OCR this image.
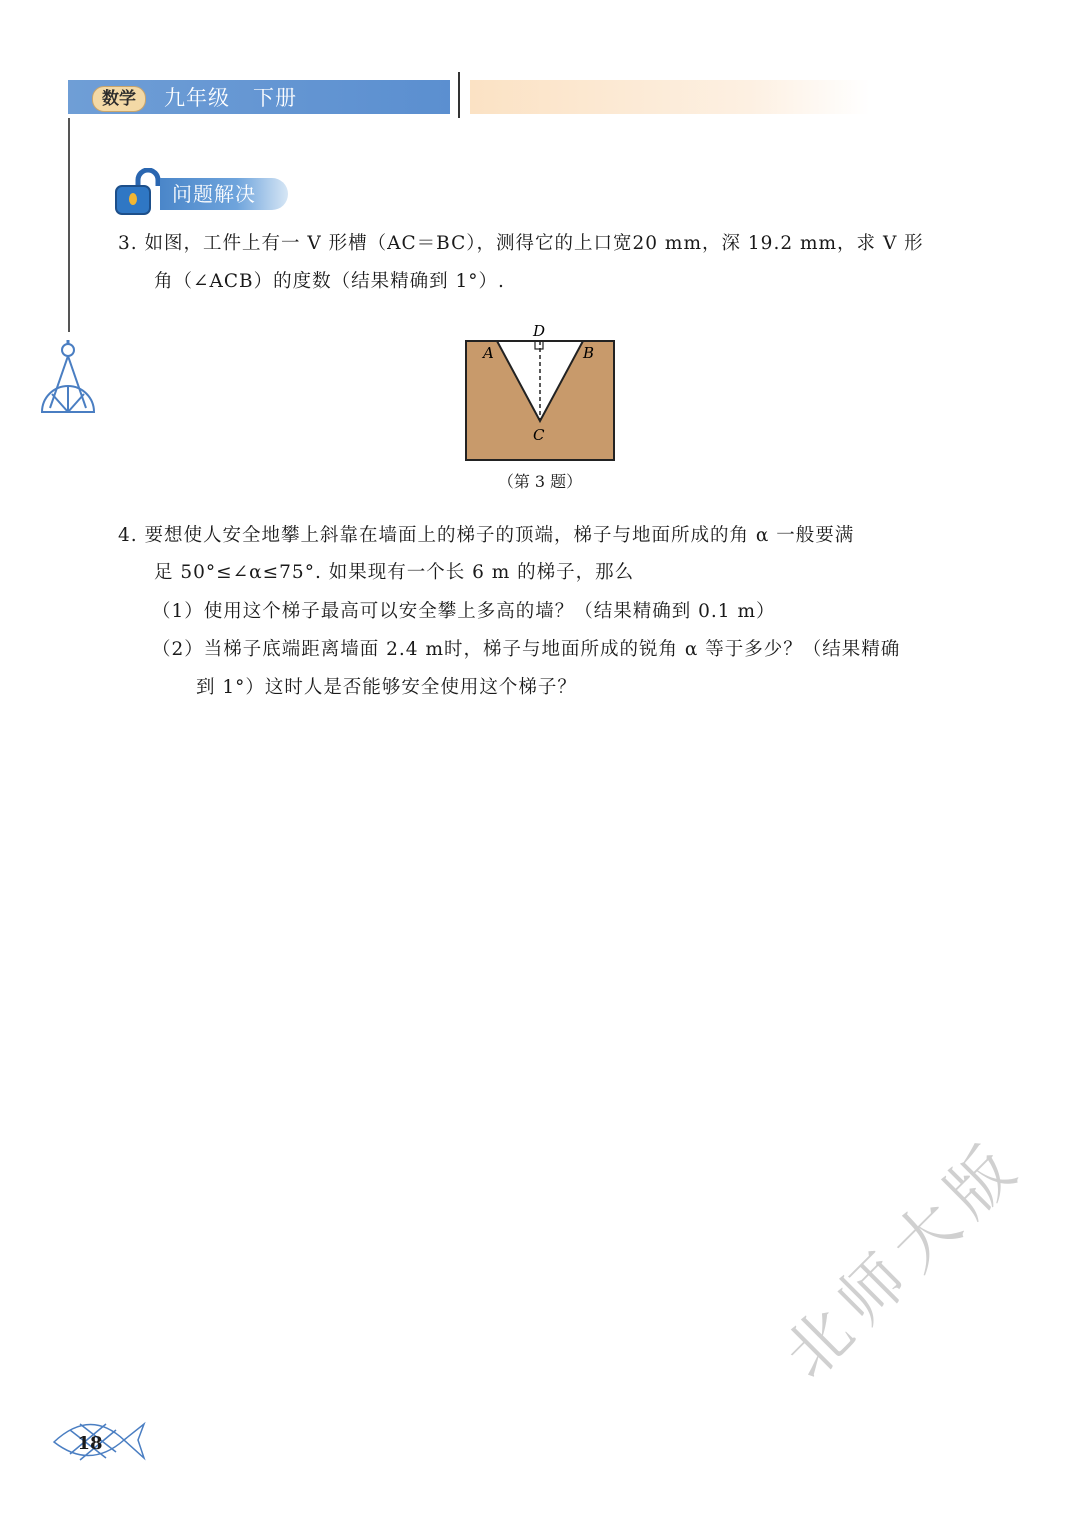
数学	九年级   下册
问题解决
3. 如图，工件上有一 V 形槽（AC＝BC），测得它的上口宽20 mm，深 19.2 mm，求 V 形
角（∠ACB）的度数（结果精确到 1°）.
D
A	B
C
（第 3 题）
4. 要想使人安全地攀上斜靠在墙面上的梯子的顶端，梯子与地面所成的角 α 一般要满
足 50°≤∠α≤75°. 如果现有一个长 6 m 的梯子，那么
（1）使用这个梯子最高可以安全攀上多高的墙？（结果精确到 0.1 m）
（2）当梯子底端距离墙面 2.4 m时，梯子与地面所成的锐角 α 等于多少？（结果精确
到 1°）这时人是否能够安全使用这个梯子？
18
北师大版
